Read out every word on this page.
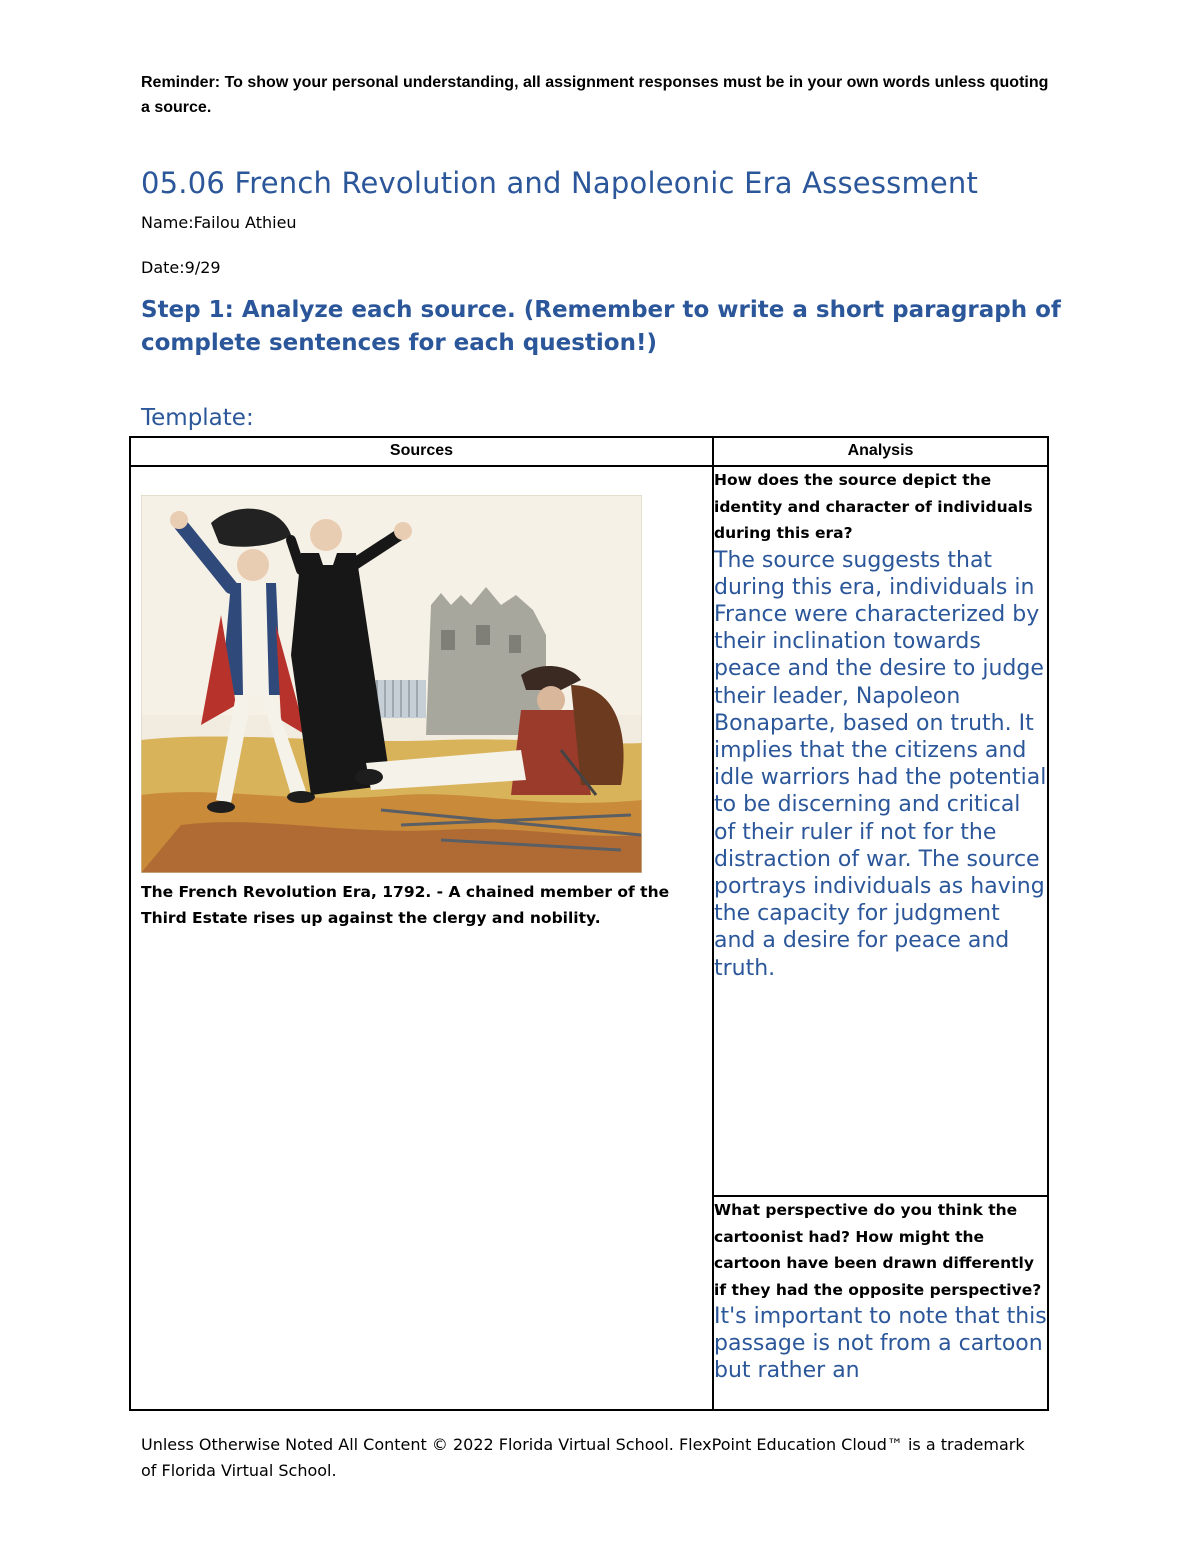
Reminder: To show your personal understanding, all assignment responses must be in your own words unless quoting a source.

05.06 French Revolution and Napoleonic Era Assessment

Name:Failou Athieu

Date:9/29

Step 1: Analyze each source. (Remember to write a short paragraph of complete sentences for each question!)
Template:
Sources	Analysis

The French Revolution Era, 1792. - A chained member of the Third Estate rises up against the clergy and nobility.	How does the source depict the identity and character of individuals during this era?

The source suggests that during this era, individuals in France were characterized by their inclination towards peace and the desire to judge their leader, Napoleon Bonaparte, based on truth. It implies that the citizens and idle warriors had the potential to be discerning and critical of their ruler if not for the distraction of war. The source portrays individuals as having the capacity for judgment and a desire for peace and truth.

	What perspective do you think the cartoonist had? How might the cartoon have been drawn differently if they had the opposite perspective?

It's important to note that this passage is not from a cartoon but rather an

Unless Otherwise Noted All Content © 2022 Florida Virtual School. FlexPoint Education Cloud™ is a trademark of Florida Virtual School.
